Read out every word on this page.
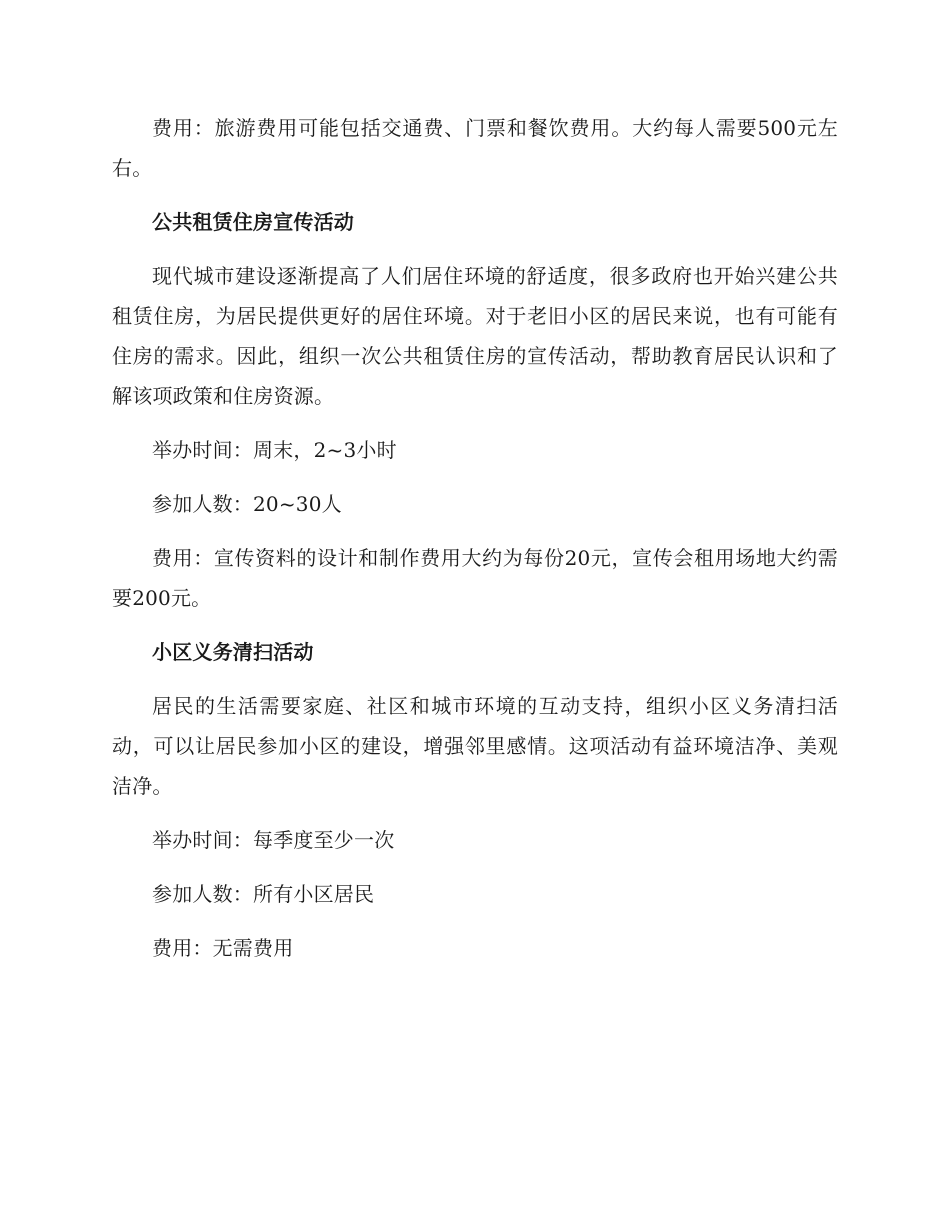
费用：旅游费用可能包括交通费、门票和餐饮费用。大约每人需要500元左右。

公共租赁住房宣传活动

现代城市建设逐渐提高了人们居住环境的舒适度，很多政府也开始兴建公共租赁住房，为居民提供更好的居住环境。对于老旧小区的居民来说，也有可能有住房的需求。因此，组织一次公共租赁住房的宣传活动，帮助教育居民认识和了解该项政策和住房资源。

举办时间：周末，2~3小时

参加人数：20~30人

费用：宣传资料的设计和制作费用大约为每份20元，宣传会租用场地大约需要200元。

小区义务清扫活动

居民的生活需要家庭、社区和城市环境的互动支持，组织小区义务清扫活动，可以让居民参加小区的建设，增强邻里感情。这项活动有益环境洁净、美观洁净。

举办时间：每季度至少一次

参加人数：所有小区居民

费用：无需费用
